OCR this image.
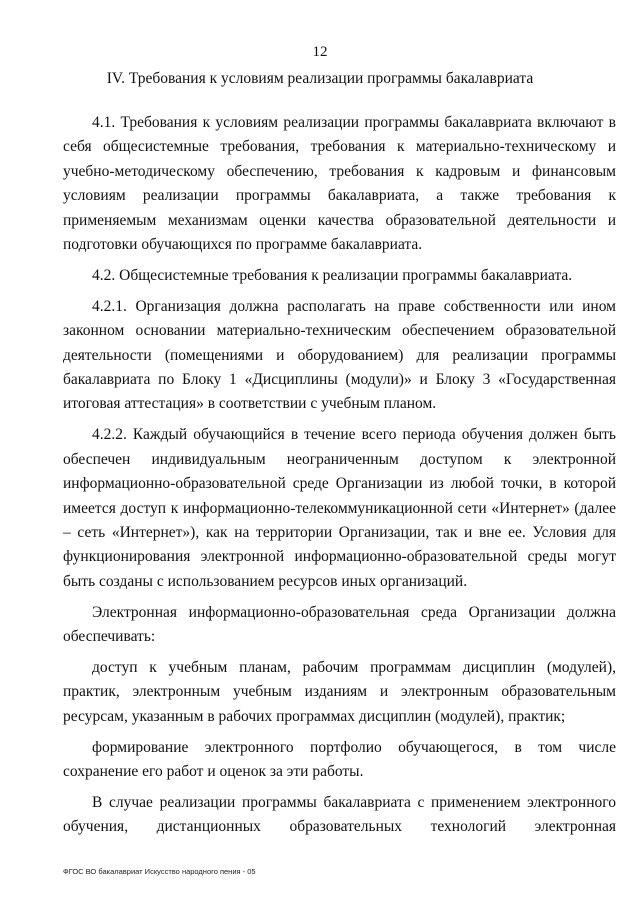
12
IV. Требования к условиям реализации программы бакалавриата

4.1. Требования к условиям реализации программы бакалавриата включают в себя общесистемные требования, требования к материально-техническому и учебно-методическому обеспечению, требования к кадровым и финансовым условиям реализации программы бакалавриата, а также требования к применяемым механизмам оценки качества образовательной деятельности и подготовки обучающихся по программе бакалавриата.

4.2. Общесистемные требования к реализации программы бакалавриата.

4.2.1. Организация должна располагать на праве собственности или ином законном основании материально-техническим обеспечением образовательной деятельности (помещениями и оборудованием) для реализации программы бакалавриата по Блоку 1 «Дисциплины (модули)» и Блоку 3 «Государственная итоговая аттестация» в соответствии с учебным планом.

4.2.2. Каждый обучающийся в течение всего периода обучения должен быть обеспечен индивидуальным неограниченным доступом к электронной информационно-образовательной среде Организации из любой точки, в которой имеется доступ к информационно-телекоммуникационной сети «Интернет» (далее – сеть «Интернет»), как на территории Организации, так и вне ее. Условия для функционирования электронной информационно-образовательной среды могут быть созданы с использованием ресурсов иных организаций.

Электронная информационно-образовательная среда Организации должна обеспечивать:

доступ к учебным планам, рабочим программам дисциплин (модулей), практик, электронным учебным изданиям и электронным образовательным ресурсам, указанным в рабочих программах дисциплин (модулей), практик;

формирование электронного портфолио обучающегося, в том числе сохранение его работ и оценок за эти работы.

В случае реализации программы бакалавриата с применением электронного обучения, дистанционных образовательных технологий электронная

ФГОС ВО бакалавриат Искусство народного пения - 05
